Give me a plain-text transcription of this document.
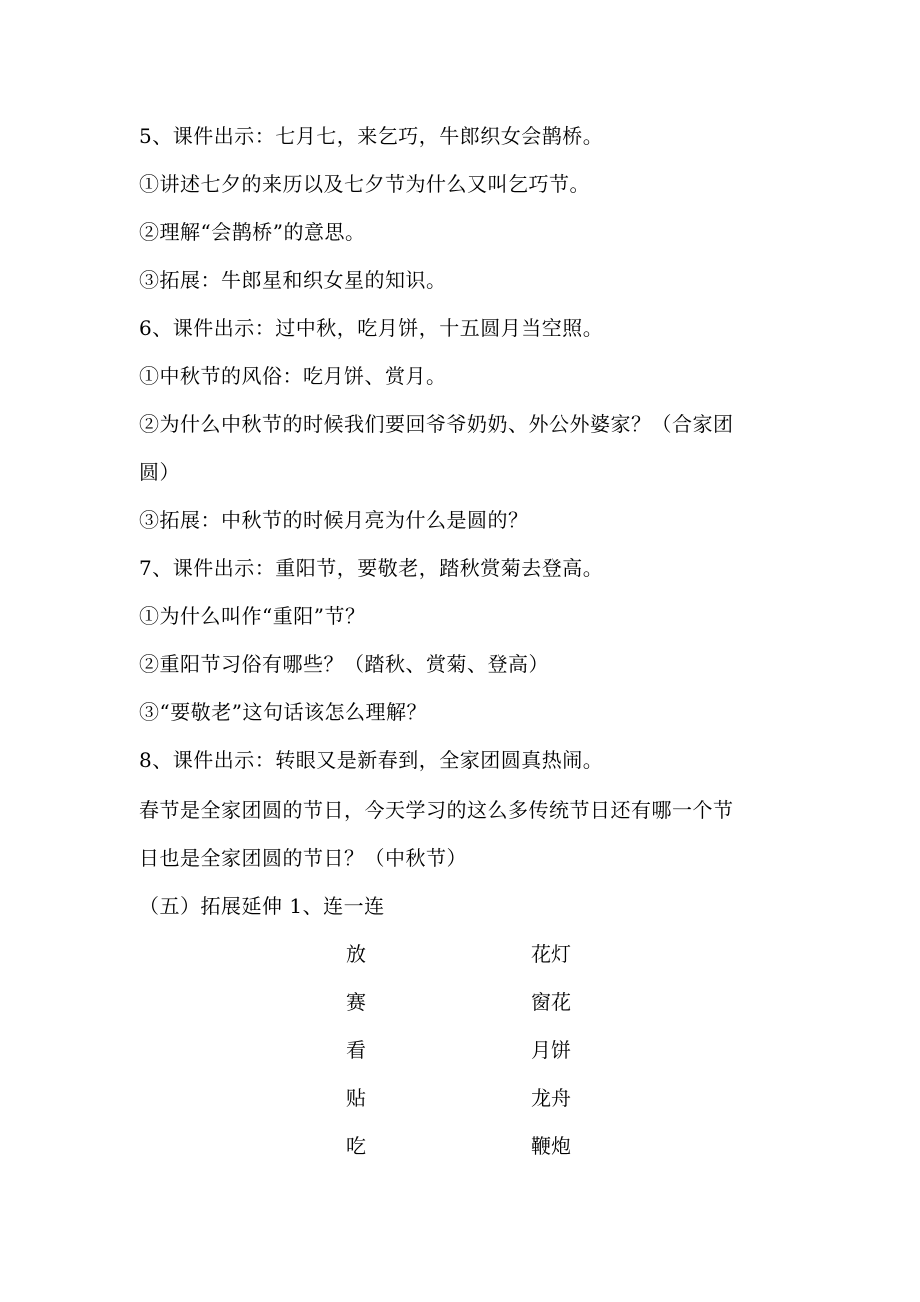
5、课件出示：七月七，来乞巧，牛郎织女会鹊桥。
①讲述七夕的来历以及七夕节为什么又叫乞巧节。
②理解“会鹊桥”的意思。
③拓展：牛郎星和织女星的知识。
6、课件出示：过中秋，吃月饼，十五圆月当空照。
①中秋节的风俗：吃月饼、赏月。
②为什么中秋节的时候我们要回爷爷奶奶、外公外婆家？（合家团
圆）
③拓展：中秋节的时候月亮为什么是圆的？
7、课件出示：重阳节，要敬老，踏秋赏菊去登高。
①为什么叫作“重阳”节？
②重阳节习俗有哪些？（踏秋、赏菊、登高）
③“要敬老”这句话该怎么理解？
8、课件出示：转眼又是新春到，全家团圆真热闹。
春节是全家团圆的节日，今天学习的这么多传统节日还有哪一个节
日也是全家团圆的节日？（中秋节）
（五）拓展延伸 1、连一连
放	花灯
赛	窗花
看	月饼
贴	龙舟
吃	鞭炮
